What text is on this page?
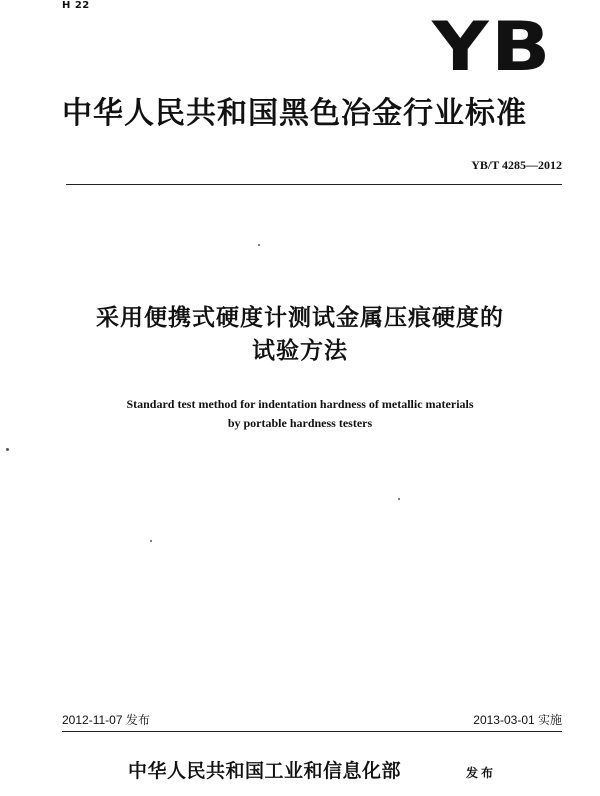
H 22
YB
中华人民共和国黑色冶金行业标准
YB/T 4285—2012
采用便携式硬度计测试金属压痕硬度的
试验方法
Standard test method for indentation hardness of metallic materials
by portable hardness testers
2012-11-07 发布	2013-03-01 实施
中华人民共和国工业和信息化部	发布
